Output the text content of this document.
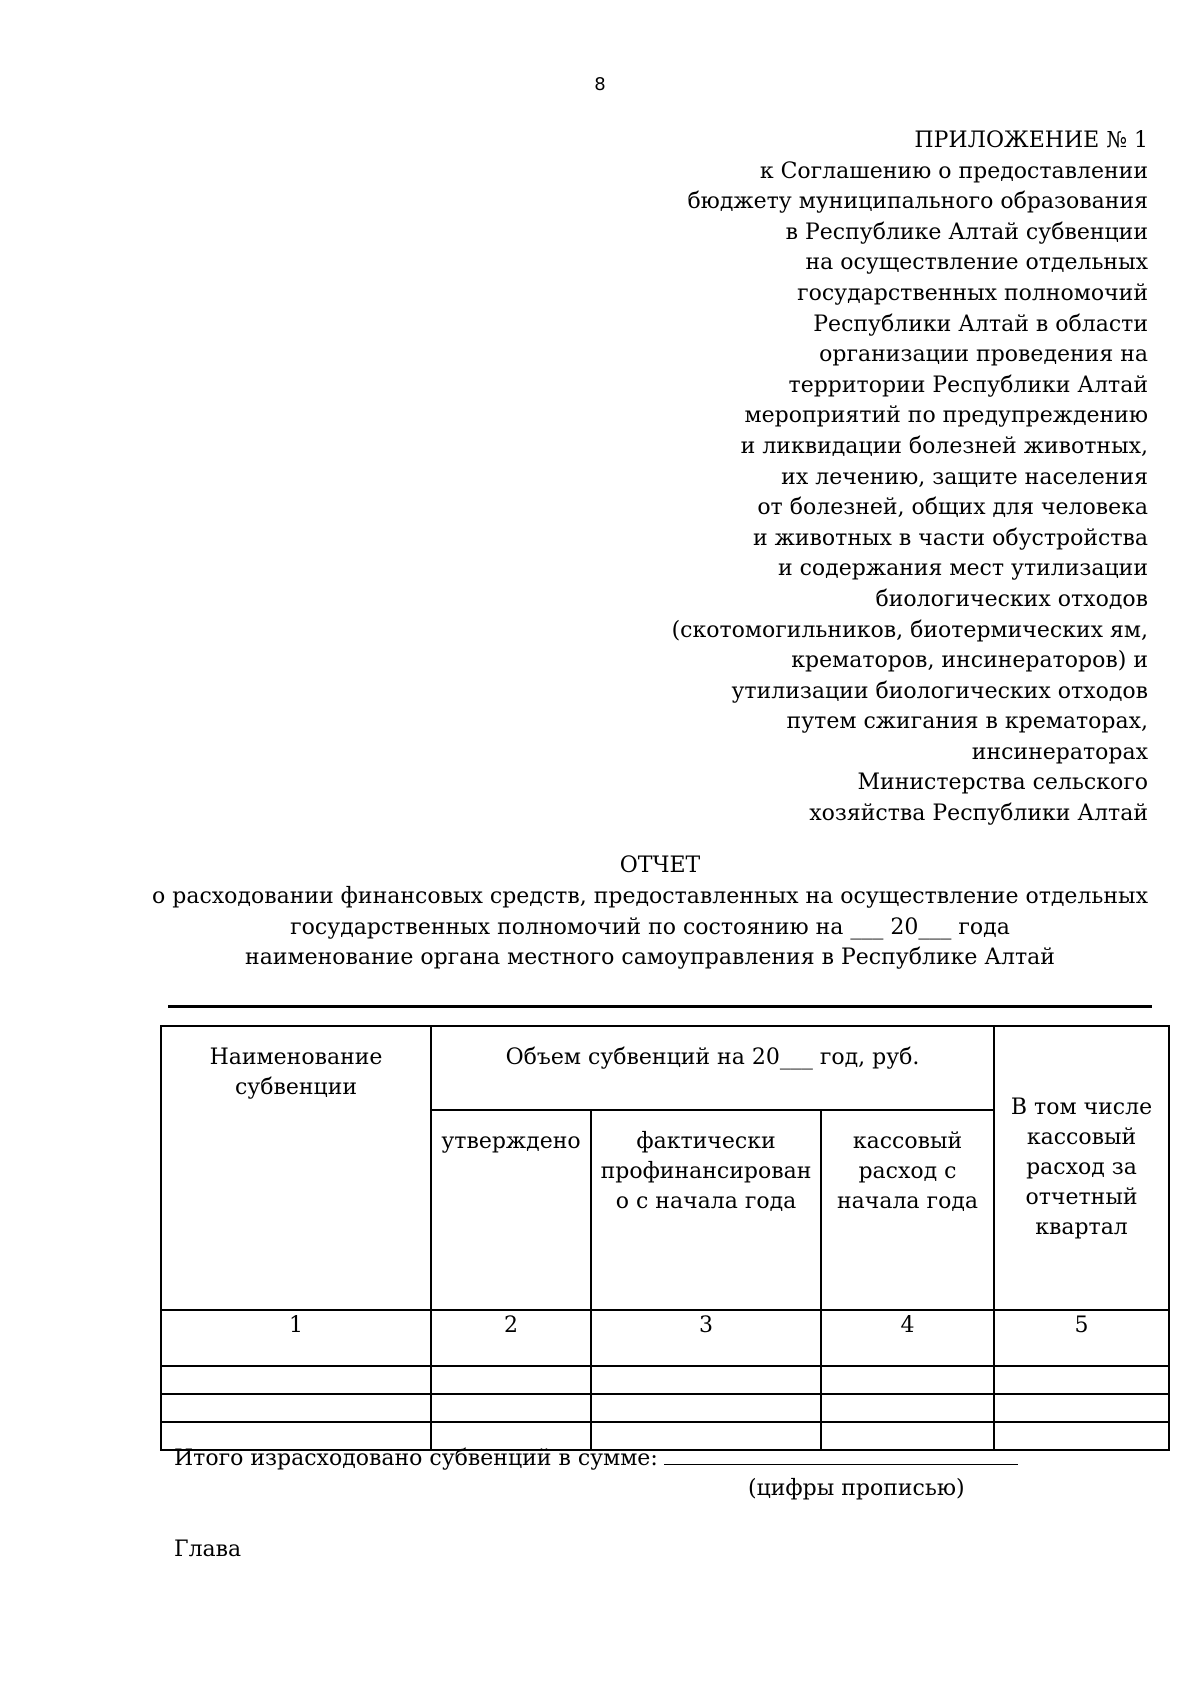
8
ПРИЛОЖЕНИЕ № 1
к Соглашению о предоставлении
бюджету муниципального образования
в Республике Алтай субвенции
на осуществление отдельных
государственных полномочий
Республики Алтай в области
организации проведения на
территории Республики Алтай
мероприятий по предупреждению
и ликвидации болезней животных,
их лечению, защите населения
от болезней, общих для человека
и животных в части обустройства
и содержания мест утилизации
биологических отходов
(скотомогильников, биотермических ям,
крематоров, инсинераторов) и
утилизации биологических отходов
путем сжигания в крематорах,
инсинераторах
Министерства сельского
хозяйства Республики Алтай
ОТЧЕТ
о расходовании финансовых средств, предоставленных на осуществление отдельных
государственных полномочий по состоянию на ___ 20___ года
наименование органа местного самоуправления в Республике Алтай
Наименование субвенции	Объем субвенций на 20___ год, руб.			В том числе кассовый расход за отчетный квартал
	утверждено	фактически профинансирован о с начала года	кассовый расход с начала года	
1	2	3	4	5

Итого израсходовано субвенций в сумме:
(цифры прописью)
Глава
